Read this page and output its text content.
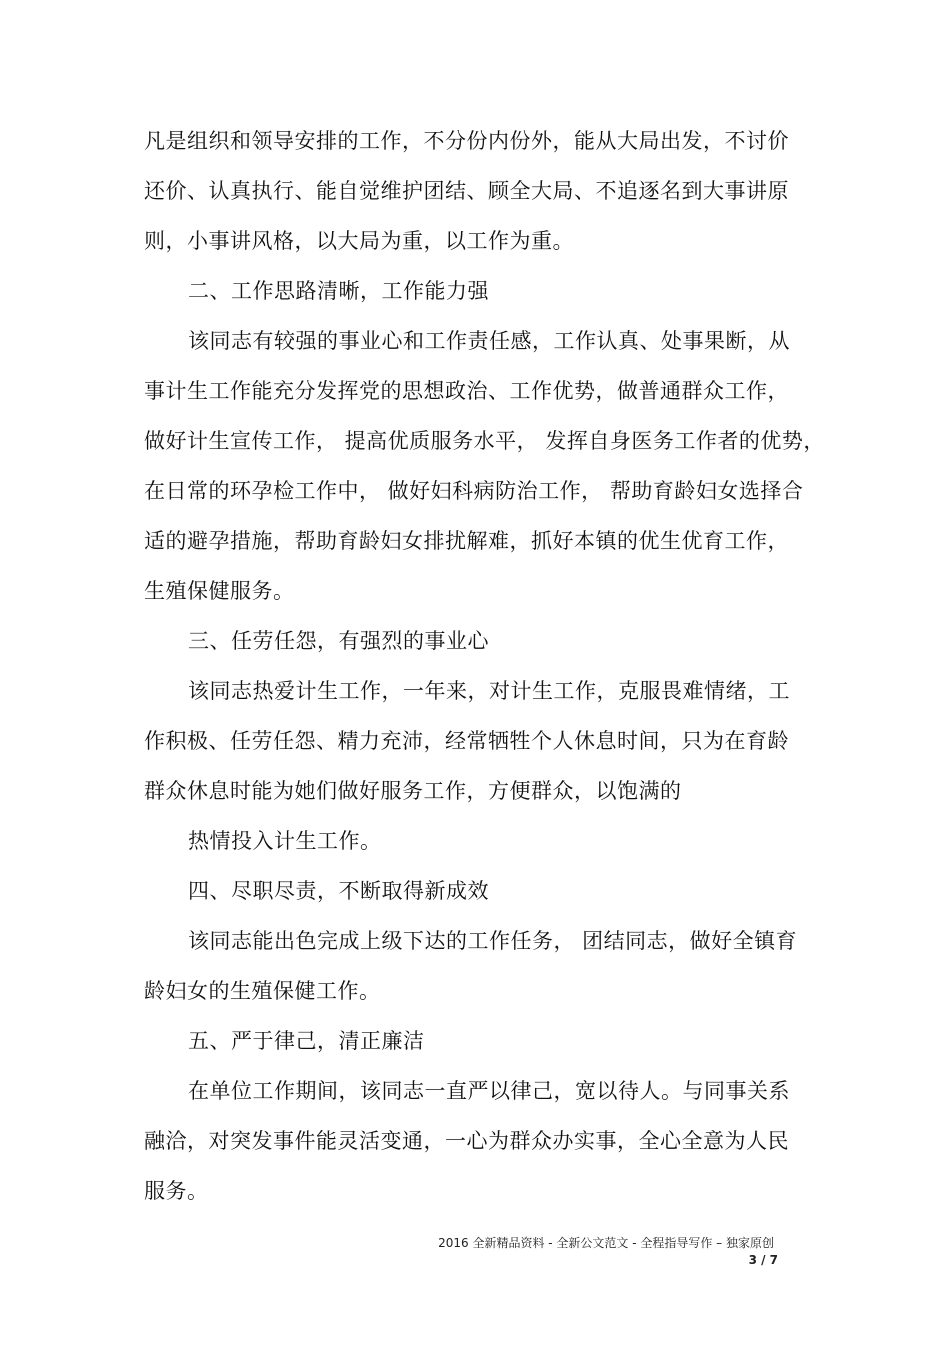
凡是组织和领导安排的工作，不分份内份外，能从大局出发，不讨价
还价、认真执行、能自觉维护团结、顾全大局、不追逐名到大事讲原
则，小事讲风格，以大局为重，以工作为重。
二、工作思路清晰，工作能力强
该同志有较强的事业心和工作责任感，工作认真、处事果断，从
事计生工作能充分发挥党的思想政治、工作优势，做普通群众工作，
做好计生宣传工作， 提高优质服务水平， 发挥自身医务工作者的优势，
在日常的环孕检工作中， 做好妇科病防治工作， 帮助育龄妇女选择合
适的避孕措施，帮助育龄妇女排扰解难，抓好本镇的优生优育工作，
生殖保健服务。
三、任劳任怨，有强烈的事业心
该同志热爱计生工作，一年来，对计生工作，克服畏难情绪，工
作积极、任劳任怨、精力充沛，经常牺牲个人休息时间，只为在育龄
群众休息时能为她们做好服务工作，方便群众，以饱满的
热情投入计生工作。
四、尽职尽责，不断取得新成效
该同志能出色完成上级下达的工作任务， 团结同志，做好全镇育
龄妇女的生殖保健工作。
五、严于律己，清正廉洁
在单位工作期间，该同志一直严以律己，宽以待人。与同事关系
融洽，对突发事件能灵活变通，一心为群众办实事，全心全意为人民
服务。
2016 全新精品资料 - 全新公文范文 - 全程指导写作 – 独家原创
3 / 7
